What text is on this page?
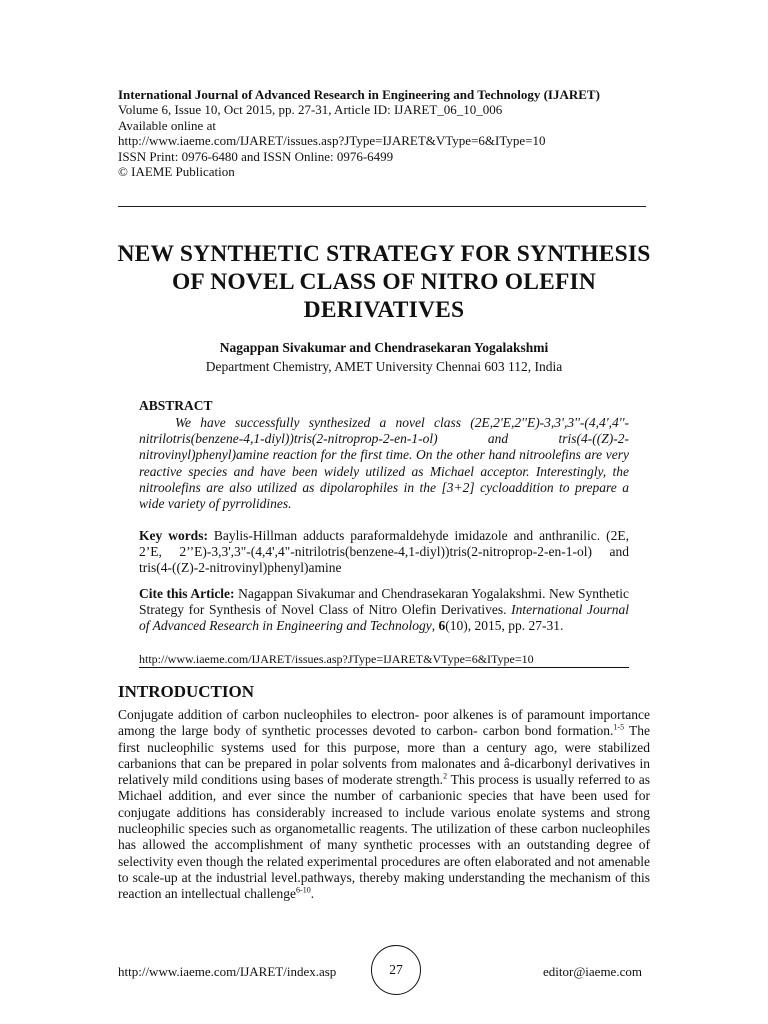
International Journal of Advanced Research in Engineering and Technology (IJARET)
Volume 6, Issue 10, Oct 2015, pp. 27-31, Article ID: IJARET_06_10_006
Available online at
http://www.iaeme.com/IJARET/issues.asp?JType=IJARET&VType=6&IType=10
ISSN Print: 0976-6480 and ISSN Online: 0976-6499
© IAEME Publication
NEW SYNTHETIC STRATEGY FOR SYNTHESIS OF NOVEL CLASS OF NITRO OLEFIN DERIVATIVES
Nagappan Sivakumar and Chendrasekaran Yogalakshmi
Department Chemistry, AMET University Chennai 603 112, India
ABSTRACT
We have successfully synthesized a novel class (2E,2'E,2''E)-3,3',3''-(4,4',4''-nitrilotris(benzene-4,1-diyl))tris(2-nitroprop-2-en-1-ol) and tris(4-((Z)-2-nitrovinyl)phenyl)amine reaction for the first time. On the other hand nitroolefins are very reactive species and have been widely utilized as Michael acceptor. Interestingly, the nitroolefins are also utilized as dipolarophiles in the [3+2] cycloaddition to prepare a wide variety of pyrrolidines.
Key words: Baylis-Hillman adducts paraformaldehyde imidazole and anthranilic. (2E, 2’E, 2’’E)-3,3',3"-(4,4',4"-nitrilotris(benzene-4,1-diyl))tris(2-nitroprop-2-en-1-ol) and tris(4-((Z)-2-nitrovinyl)phenyl)amine
Cite this Article: Nagappan Sivakumar and Chendrasekaran Yogalakshmi. New Synthetic Strategy for Synthesis of Novel Class of Nitro Olefin Derivatives. International Journal of Advanced Research in Engineering and Technology, 6(10), 2015, pp. 27-31.
http://www.iaeme.com/IJARET/issues.asp?JType=IJARET&VType=6&IType=10
INTRODUCTION
Conjugate addition of carbon nucleophiles to electron- poor alkenes is of paramount importance among the large body of synthetic processes devoted to carbon- carbon bond formation.$^{1-5}$ The first nucleophilic systems used for this purpose, more than a century ago, were stabilized carbanions that can be prepared in polar solvents from malonates and â-dicarbonyl derivatives in relatively mild conditions using bases of moderate strength.$^2$ This process is usually referred to as Michael addition, and ever since the number of carbanionic species that have been used for conjugate additions has considerably increased to include various enolate systems and strong nucleophilic species such as organometallic reagents. The utilization of these carbon nucleophiles has allowed the accomplishment of many synthetic processes with an outstanding degree of selectivity even though the related experimental procedures are often elaborated and not amenable to scale-up at the industrial level.pathways, thereby making understanding the mechanism of this reaction an intellectual challenge$^{6-10}$.
http://www.iaeme.com/IJARET/index.asp	27	editor@iaeme.com
